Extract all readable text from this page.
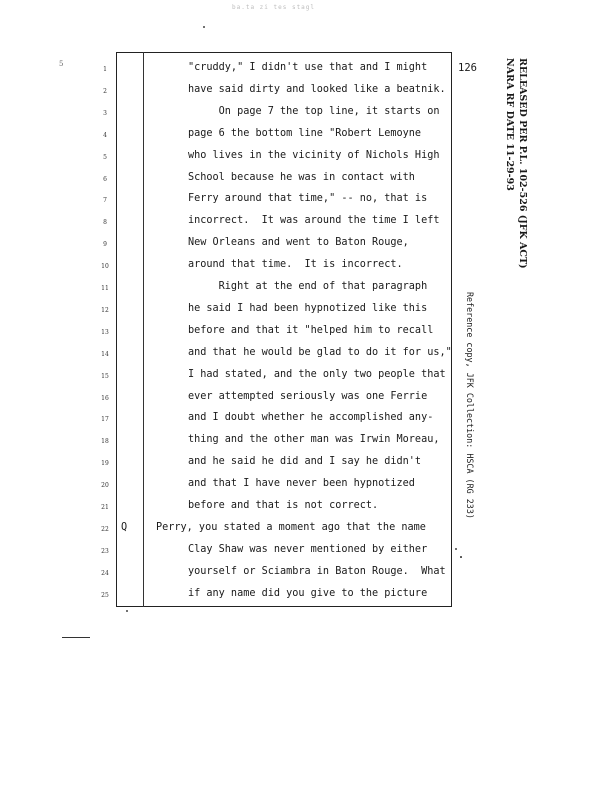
ba.ta zi tes stagl
5	126	RELEASED PER P.L. 102-526 (JFK ACT)
NARA RF DATE 11-29-93
Reference copy, JFK Collection: HSCA (RG 233)
1	"cruddy," I didn't use that and I might
2	have said dirty and looked like a beatnik.
3	On page 7 the top line, it starts on
4	page 6 the bottom line "Robert Lemoyne
5	who lives in the vicinity of Nichols High
6	School because he was in contact with
7	Ferry around that time," -- no, that is
8	incorrect.  It was around the time I left
9	New Orleans and went to Baton Rouge,
10	around that time.  It is incorrect.
11	Right at the end of that paragraph
12	he said I had been hypnotized like this
13	before and that it "helped him to recall
14	and that he would be glad to do it for us,"
15	I had stated, and the only two people that
16	ever attempted seriously was one Ferrie
17	and I doubt whether he accomplished any-
18	thing and the other man was Irwin Moreau,
19	and he said he did and I say he didn't
20	and that I have never been hypnotized
21	before and that is not correct.
22	Q	Perry, you stated a moment ago that the name
23	Clay Shaw was never mentioned by either
24	yourself or Sciambra in Baton Rouge.  What
25	if any name did you give to the picture
